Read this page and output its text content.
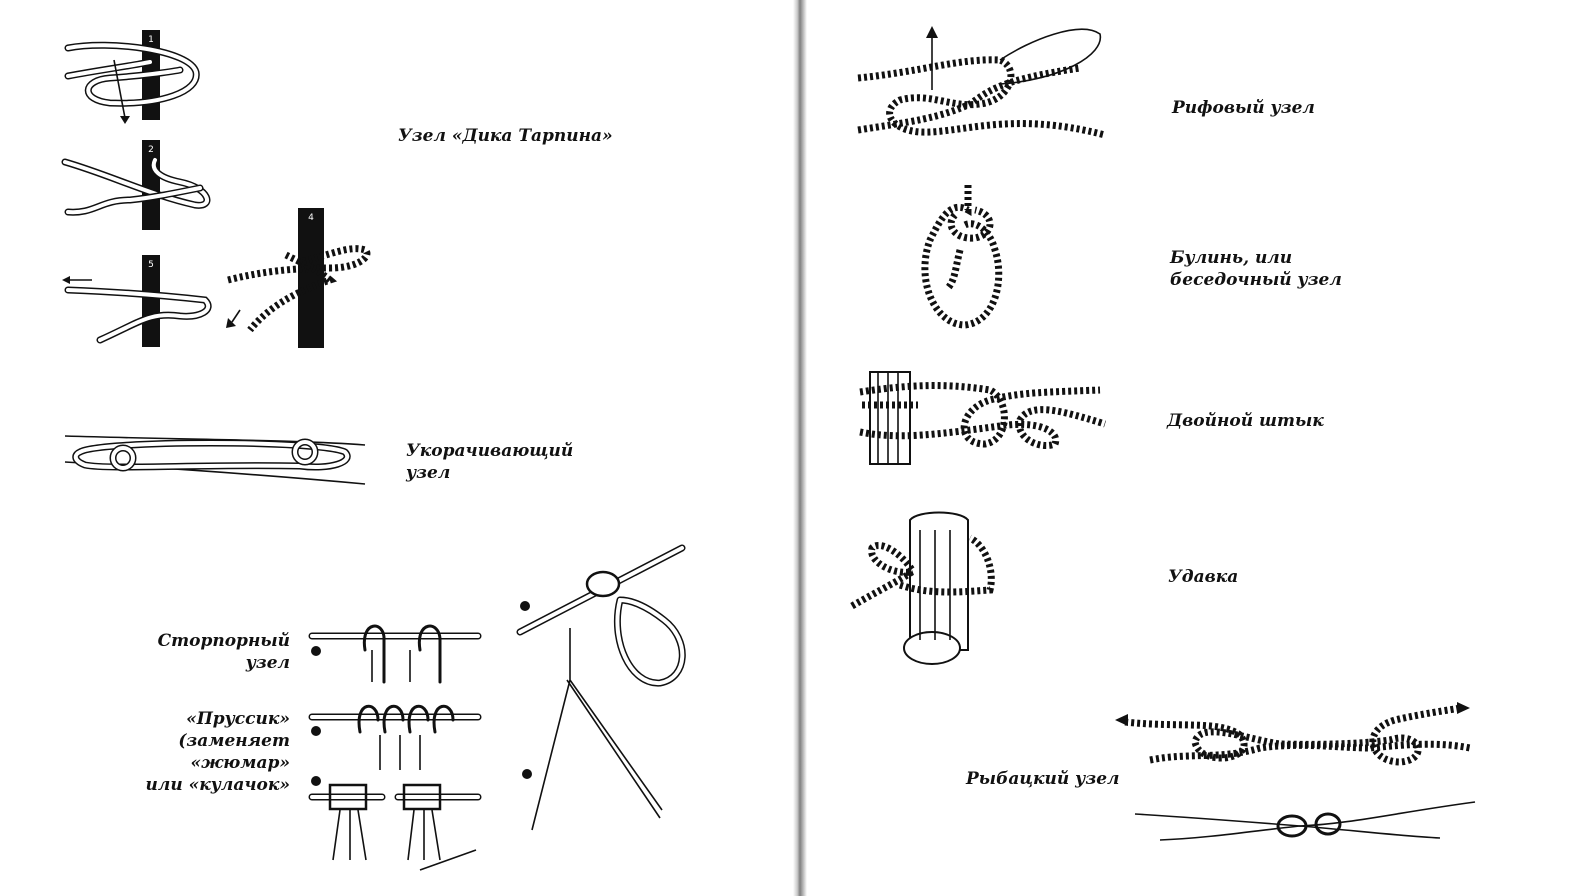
1
2
5
4
Узел «Дика Тарпина»
Укорачивающий
узел
Сторпорный узел
«Пруссик»
(заменяет
«жюмар»
или «кулачок»
Рифовый узел
Булинь, или
беседочный узел
Двойной штык
Удавка
Рыбацкий узел
